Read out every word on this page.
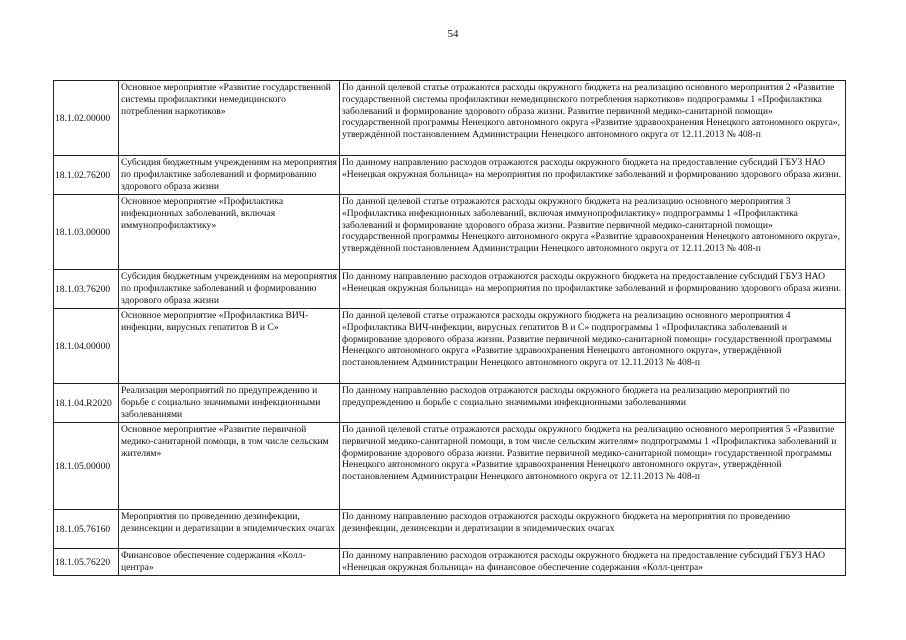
54
18.1.02.00000	Основное мероприятие «Развитие государственной системы профилактики немедицинского потребления наркотиков»	По данной целевой статье отражаются расходы окружного бюджета на реализацию основного мероприятия 2 «Развитие государственной системы профилактики немедицинского потребления наркотиков» подпрограммы 1 «Профилактика заболеваний и формирование здорового образа жизни. Развитие первичной медико-санитарной помощи» государственной программы Ненецкого автономного округа «Развитие здравоохранения Ненецкого автономного округа», утверждённой постановлением Администрации Ненецкого автономного округа от 12.11.2013 № 408-п
18.1.02.76200	Субсидия бюджетным учреждениям на мероприятия по профилактике заболеваний и формированию здорового образа жизни	По данному направлению расходов отражаются расходы окружного бюджета на предоставление субсидий ГБУЗ НАО «Ненецкая окружная больница» на мероприятия по профилактике заболеваний и формированию здорового образа жизни.
18.1.03.00000	Основное мероприятие «Профилактика инфекционных заболеваний, включая иммунопрофилактику»	По данной целевой статье отражаются расходы окружного бюджета на реализацию основного мероприятия 3 «Профилактика инфекционных заболеваний, включая иммунопрофилактику» подпрограммы 1 «Профилактика заболеваний и формирование здорового образа жизни. Развитие первичной медико-санитарной помощи» государственной программы Ненецкого автономного округа «Развитие здравоохранения Ненецкого автономного округа», утверждённой постановлением Администрации Ненецкого автономного округа от 12.11.2013 № 408-п
18.1.03.76200	Субсидия бюджетным учреждениям на мероприятия по профилактике заболеваний и формированию здорового образа жизни	По данному направлению расходов отражаются расходы окружного бюджета на предоставление субсидий ГБУЗ НАО «Ненецкая окружная больница» на мероприятия по профилактике заболеваний и формированию здорового образа жизни.
18.1.04.00000	Основное мероприятие «Профилактика ВИЧ-инфекции, вирусных гепатитов В и С»	По данной целевой статье отражаются расходы окружного бюджета на реализацию основного мероприятия 4 «Профилактика ВИЧ-инфекции, вирусных гепатитов В и С» подпрограммы 1 «Профилактика заболеваний и формирование здорового образа жизни. Развитие первичной медико-санитарной помощи» государственной программы Ненецкого автономного округа «Развитие здравоохранения Ненецкого автономного округа», утверждённой постановлением Администрации Ненецкого автономного округа от 12.11.2013 № 408-п
18.1.04.R2020	Реализация мероприятий по предупреждению и борьбе с социально значимыми инфекционными заболеваниями	По данному направлению расходов отражаются расходы окружного бюджета на реализацию мероприятий по предупреждению и борьбе с социально значимыми инфекционными заболеваниями
18.1.05.00000	Основное мероприятие «Развитие первичной медико-санитарной помощи, в том числе сельским жителям»	По данной целевой статье отражаются расходы окружного бюджета на реализацию основного мероприятия 5 «Развитие первичной медико-санитарной помощи, в том числе сельским жителям» подпрограммы 1 «Профилактика заболеваний и формирование здорового образа жизни. Развитие первичной медико-санитарной помощи» государственной программы Ненецкого автономного округа «Развитие здравоохранения Ненецкого автономного округа», утверждённой постановлением Администрации Ненецкого автономного округа от 12.11.2013 № 408-п
18.1.05.76160	Мероприятия по проведению дезинфекции, дезинсекции и дератизации в эпидемических очагах	По данному направлению расходов отражаются расходы окружного бюджета на мероприятия по проведению дезинфекции, дезинсекции и дератизации в эпидемических очагах
18.1.05.76220	Финансовое обеспечение содержания «Колл-центра»	По данному направлению расходов отражаются расходы окружного бюджета на предоставление субсидий ГБУЗ НАО «Ненецкая окружная больница» на финансовое обеспечение содержания «Колл-центра»
